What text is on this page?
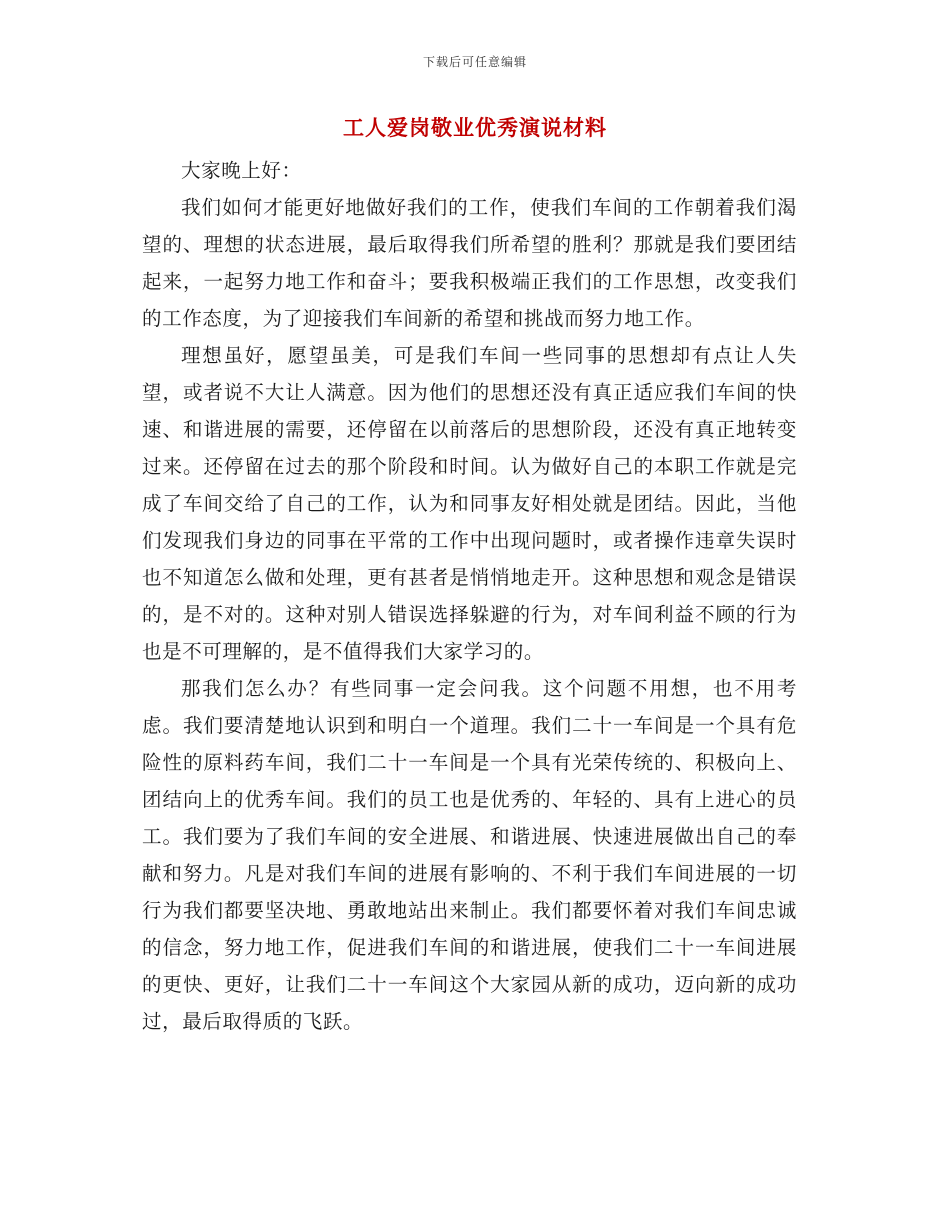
下载后可任意编辑
工人爱岗敬业优秀演说材料

大家晚上好：

我们如何才能更好地做好我们的工作，使我们车间的工作朝着我们渴望的、理想的状态进展，最后取得我们所希望的胜利？那就是我们要团结起来，一起努力地工作和奋斗；要我积极端正我们的工作思想，改变我们的工作态度，为了迎接我们车间新的希望和挑战而努力地工作。

理想虽好，愿望虽美，可是我们车间一些同事的思想却有点让人失望，或者说不大让人满意。因为他们的思想还没有真正适应我们车间的快速、和谐进展的需要，还停留在以前落后的思想阶段，还没有真正地转变过来。还停留在过去的那个阶段和时间。认为做好自己的本职工作就是完成了车间交给了自己的工作，认为和同事友好相处就是团结。因此，当他们发现我们身边的同事在平常的工作中出现问题时，或者操作违章失误时也不知道怎么做和处理，更有甚者是悄悄地走开。这种思想和观念是错误的，是不对的。这种对别人错误选择躲避的行为，对车间利益不顾的行为也是不可理解的，是不值得我们大家学习的。

那我们怎么办？有些同事一定会问我。这个问题不用想，也不用考虑。我们要清楚地认识到和明白一个道理。我们二十一车间是一个具有危险性的原料药车间，我们二十一车间是一个具有光荣传统的、积极向上、团结向上的优秀车间。我们的员工也是优秀的、年轻的、具有上进心的员工。我们要为了我们车间的安全进展、和谐进展、快速进展做出自己的奉献和努力。凡是对我们车间的进展有影响的、不利于我们车间进展的一切行为我们都要坚决地、勇敢地站出来制止。我们都要怀着对我们车间忠诚的信念，努力地工作，促进我们车间的和谐进展，使我们二十一车间进展的更快、更好，让我们二十一车间这个大家园从新的成功，迈向新的成功过，最后取得质的飞跃。
